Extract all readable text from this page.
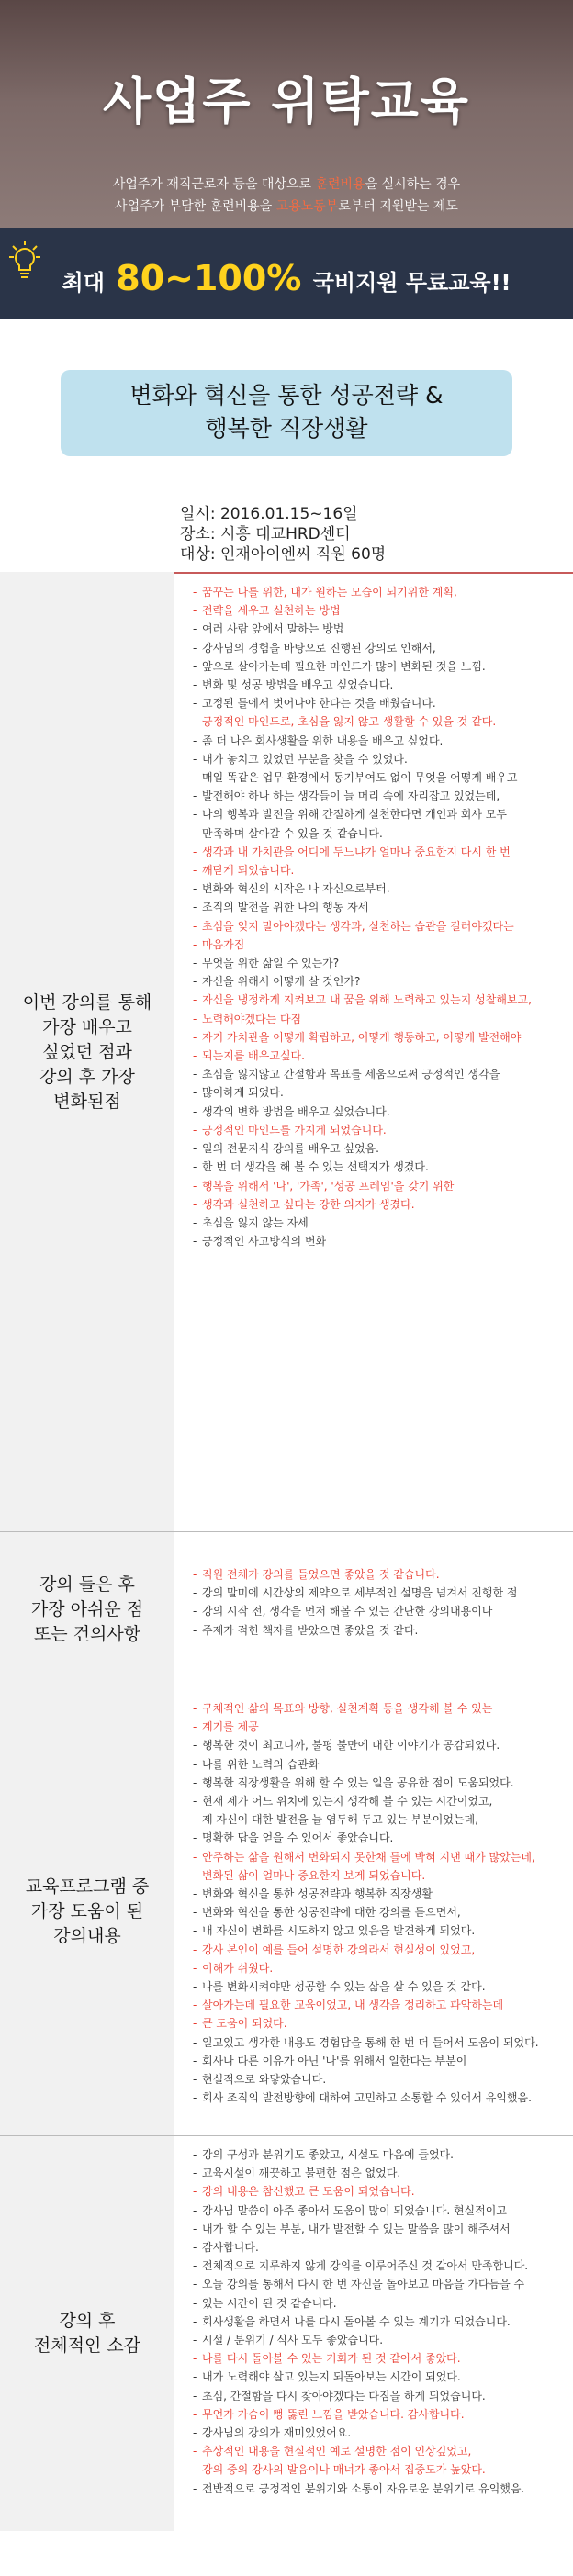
사업주 위탁교육
사업주가 재직근로자 등을 대상으로 훈련비용을 실시하는 경우
사업주가 부담한 훈련비용을 고용노동부로부터 지원받는 제도
최대 80~100% 국비지원 무료교육!!
변화와 혁신을 통한 성공전략 &
행복한 직장생활
일시: 2016.01.15~16일
장소: 시흥 대교HRD센터
대상: 인재아이엔씨 직원 60명
이번 강의를 통해
가장 배우고
싶었던 점과
강의 후 가장
변화된점
- 꿈꾸는 나를 위한, 내가 원하는 모습이 되기위한 계획,
- 전략을 세우고 실천하는 방법
- 여러 사람 앞에서 말하는 방법
- 강사님의 경험을 바탕으로 진행된 강의로 인해서,
- 앞으로 살아가는데 필요한 마인드가 많이 변화된 것을 느낌.
- 변화 및 성공 방법을 배우고 싶었습니다.
- 고정된 틀에서 벗어나야 한다는 것을 배웠습니다.
- 긍정적인 마인드로, 초심을 잃지 않고 생활할 수 있을 것 같다.
- 좀 더 나은 회사생활을 위한 내용을 배우고 싶었다.
- 내가 놓치고 있었던 부분을 찾을 수 있었다.
- 매일 똑같은 업무 환경에서 동기부여도 없이 무엇을 어떻게 배우고
- 발전해야 하나 하는 생각들이 늘 머리 속에 자리잡고 있었는데,
- 나의 행복과 발전을 위해 간절하게 실천한다면 개인과 회사 모두
- 만족하며 살아갈 수 있을 것 같습니다.
- 생각과 내 가치관을 어디에 두느냐가 얼마나 중요한지 다시 한 번
- 깨닫게 되었습니다.
- 변화와 혁신의 시작은 나 자신으로부터.
- 조직의 발전을 위한 나의 행동 자세
- 초심을 잊지 말아야겠다는 생각과, 실천하는 습관을 길러야겠다는
- 마음가짐
- 무엇을 위한 삶일 수 있는가?
- 자신을 위해서 어떻게 살 것인가?
- 자신을 냉정하게 지켜보고 내 꿈을 위해 노력하고 있는지 성찰해보고,
- 노력해야겠다는 다짐
- 자기 가치관을 어떻게 확립하고, 어떻게 행동하고, 어떻게 발전해야
- 되는지를 배우고싶다.
- 초심을 잃지않고 간절함과 목표를 세움으로써 긍정적인 생각을
- 많이하게 되었다.
- 생각의 변화 방법을 배우고 싶었습니다.
- 긍정적인 마인드를 가지게 되었습니다.
- 일의 전문지식 강의를 배우고 싶었음.
- 한 번 더 생각을 해 볼 수 있는 선택지가 생겼다.
- 행복을 위해서 '나', '가족', '성공 프레임'을 갖기 위한
- 생각과 실천하고 싶다는 강한 의지가 생겼다.
- 초심을 잃지 않는 자세
- 긍정적인 사고방식의 변화
강의 들은 후
가장 아쉬운 점
또는 건의사항
- 직원 전체가 강의를 들었으면 좋았을 것 같습니다.
- 강의 말미에 시간상의 제약으로 세부적인 설명을 넘겨서 진행한 점
- 강의 시작 전, 생각을 먼저 해볼 수 있는 간단한 강의내용이나
- 주제가 적힌 책자를 받았으면 좋았을 것 같다.
교육프로그램 중
가장 도움이 된
강의내용
- 구체적인 삶의 목표와 방향, 실천계획 등을 생각해 볼 수 있는
- 계기를 제공
- 행복한 것이 최고니까, 불평 불만에 대한 이야기가 공감되었다.
- 나를 위한 노력의 습관화
- 행복한 직장생활을 위해 할 수 있는 일을 공유한 점이 도움되었다.
- 현재 제가 어느 위치에 있는지 생각해 볼 수 있는 시간이었고,
- 제 자신이 대한 발전을 늘 염두해 두고 있는 부분이었는데,
- 명확한 답을 얻을 수 있어서 좋았습니다.
- 안주하는 삶을 원해서 변화되지 못한채 틀에 박혀 지낸 때가 많았는데,
- 변화된 삶이 얼마나 중요한지 보게 되었습니다.
- 변화와 혁신을 통한 성공전략과 행복한 직장생활
- 변화와 혁신을 통한 성공전략에 대한 강의를 듣으면서,
- 내 자신이 변화를 시도하지 않고 있음을 발견하게 되었다.
- 강사 본인이 예를 들어 설명한 강의라서 현실성이 있었고,
- 이해가 쉬웠다.
- 나를 변화시켜야만 성공할 수 있는 삶을 살 수 있을 것 같다.
- 살아가는데 필요한 교육이었고, 내 생각을 정리하고 파악하는데
- 큰 도움이 되었다.
- 일고있고 생각한 내용도 경험담을 통해 한 번 더 들어서 도움이 되었다.
- 회사나 다른 이유가 아닌 '나'를 위해서 일한다는 부분이
- 현실적으로 와닿았습니다.
- 회사 조직의 발전방향에 대하여 고민하고 소통할 수 있어서 유익했음.
강의 후
전체적인 소감
- 강의 구성과 분위기도 좋았고, 시설도 마음에 들었다.
- 교육시설이 깨끗하고 불편한 점은 없었다.
- 강의 내용은 참신했고 큰 도움이 되었습니다.
- 강사님 말씀이 아주 좋아서 도움이 많이 되었습니다. 현실적이고
- 내가 할 수 있는 부분, 내가 발전할 수 있는 말씀을 많이 해주셔서
- 감사합니다.
- 전체적으로 지루하지 않게 강의를 이루어주신 것 같아서 만족합니다.
- 오늘 강의를 통해서 다시 한 번 자신을 돌아보고 마음을 가다듬을 수
- 있는 시간이 된 것 같습니다.
- 회사생활을 하면서 나를 다시 돌아볼 수 있는 계기가 되었습니다.
- 시설 / 분위기 / 식사 모두 좋았습니다.
- 나를 다시 돌아볼 수 있는 기회가 된 것 같아서 좋았다.
- 내가 노력해야 살고 있는지 되돌아보는 시간이 되었다.
- 초심, 간절함을 다시 찾아야겠다는 다짐을 하게 되었습니다.
- 무언가 가슴이 뻥 뚫린 느낌을 받았습니다. 감사합니다.
- 강사님의 강의가 재미있었어요.
- 추상적인 내용을 현실적인 예로 설명한 점이 인상깊었고,
- 강의 중의 강사의 발음이나 매너가 좋아서 집중도가 높았다.
- 전반적으로 긍정적인 분위기와 소통이 자유로운 분위기로 유익했음.
